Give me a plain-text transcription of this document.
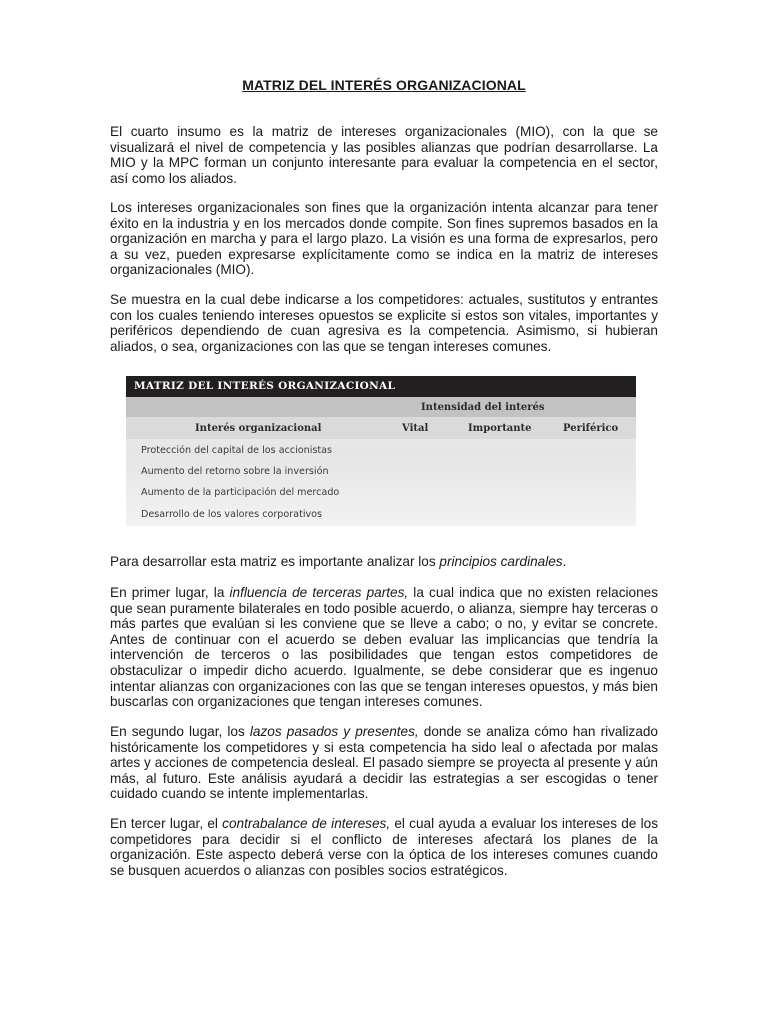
MATRIZ DEL INTERÉS ORGANIZACIONAL

El cuarto insumo es la matriz de intereses organizacionales (MIO), con la que se visualizará el nivel de competencia y las posibles alianzas que podrían desarrollarse. La MIO y la MPC forman un conjunto interesante para evaluar la competencia en el sector, así como los aliados.

Los intereses organizacionales son fines que la organización intenta alcanzar para tener éxito en la industria y en los mercados donde compite. Son fines supremos basados en la organización en marcha y para el largo plazo. La visión es una forma de expresarlos, pero a su vez, pueden expresarse explícitamente como se indica en la matriz de intereses organizacionales (MIO).

Se muestra en la cual debe indicarse a los competidores: actuales, sustitutos y entrantes con los cuales teniendo intereses opuestos se explicite si estos son vitales, importantes y periféricos dependiendo de cuan agresiva es la competencia. Asimismo, si hubieran aliados, o sea, organizaciones con las que se tengan intereses comunes.

Para desarrollar esta matriz es importante analizar los principios cardinales.

En primer lugar, la influencia de terceras partes, la cual indica que no existen relaciones que sean puramente bilaterales en todo posible acuerdo, o alianza, siempre hay terceras o más partes que evalúan si les conviene que se lleve a cabo; o no, y evitar se concrete. Antes de continuar con el acuerdo se deben evaluar las implicancias que tendría la intervención de terceros o las posibilidades que tengan estos competidores de obstaculizar o impedir dicho acuerdo. Igualmente, se debe considerar que es ingenuo intentar alianzas con organizaciones con las que se tengan intereses opuestos, y más bien buscarlas con organizaciones que tengan intereses comunes.

En segundo lugar, los lazos pasados y presentes, donde se analiza cómo han rivalizado históricamente los competidores y si esta competencia ha sido leal o afectada por malas artes y acciones de competencia desleal. El pasado siempre se proyecta al presente y aún más, al futuro. Este análisis ayudará a decidir las estrategias a ser escogidas o tener cuidado cuando se intente implementarlas.

En tercer lugar, el contrabalance de intereses, el cual ayuda a evaluar los intereses de los competidores para decidir si el conflicto de intereses afectará los planes de la organización. Este aspecto deberá verse con la óptica de los intereses comunes cuando se busquen acuerdos o alianzas con posibles socios estratégicos.

MATRIZ DEL INTERÉS ORGANIZACIONAL
Intensidad del interés
Interés organizacional	Vital	Importante	Periférico
Protección del capital de los accionistas
Aumento del retorno sobre la inversión
Aumento de la participación del mercado
Desarrollo de los valores corporativos
